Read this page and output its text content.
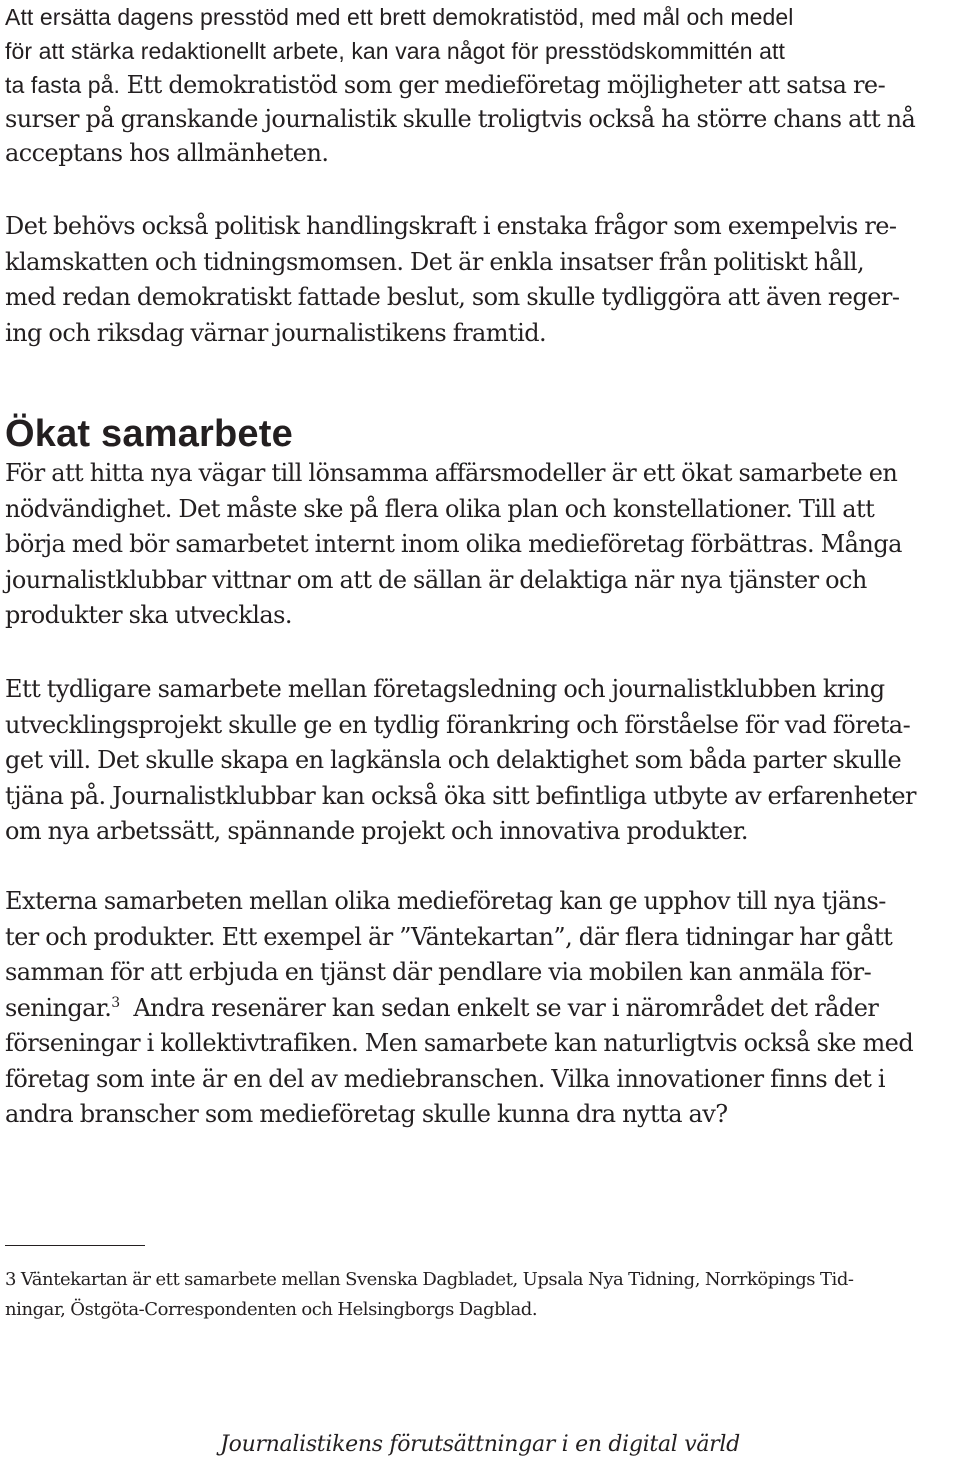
Att ersätta dagens presstöd med ett brett demokratistöd, med mål och medel
för att stärka redaktionellt arbete, kan vara något för presstödskommittén att
ta fasta på. Ett demokratistöd som ger medieföretag möjligheter att satsa re-
surser på granskande journalistik skulle troligtvis också ha större chans att nå
acceptans hos allmänheten.

Det behövs också politisk handlingskraft i enstaka frågor som exempelvis re-
klamskatten och tidningsmomsen. Det är enkla insatser från politiskt håll,
med redan demokratiskt fattade beslut, som skulle tydliggöra att även reger-
ing och riksdag värnar journalistikens framtid.

Ökat samarbete

För att hitta nya vägar till lönsamma affärsmodeller är ett ökat samarbete en
nödvändighet. Det måste ske på flera olika plan och konstellationer. Till att
börja med bör samarbetet internt inom olika medieföretag förbättras. Många
journalistklubbar vittnar om att de sällan är delaktiga när nya tjänster och
produkter ska utvecklas.

Ett tydligare samarbete mellan företagsledning och journalistklubben kring
utvecklingsprojekt skulle ge en tydlig förankring och förståelse för vad företa-
get vill. Det skulle skapa en lagkänsla och delaktighet som båda parter skulle
tjäna på. Journalistklubbar kan också öka sitt befintliga utbyte av erfarenheter
om nya arbetssätt, spännande projekt och innovativa produkter.

Externa samarbeten mellan olika medieföretag kan ge upphov till nya tjäns-
ter och produkter. Ett exempel är ”Väntekartan”, där flera tidningar har gått
samman för att erbjuda en tjänst där pendlare via mobilen kan anmäla för-
seningar.$^3$  Andra resenärer kan sedan enkelt se var i närområdet det råder
förseningar i kollektivtrafiken. Men samarbete kan naturligtvis också ske med
företag som inte är en del av mediebranschen. Vilka innovationer finns det i
andra branscher som medieföretag skulle kunna dra nytta av?

3 Väntekartan är ett samarbete mellan Svenska Dagbladet, Upsala Nya Tidning, Norrköpings Tid-
ningar, Östgöta-Correspondenten och Helsingborgs Dagblad.

Journalistikens förutsättningar i en digital värld
